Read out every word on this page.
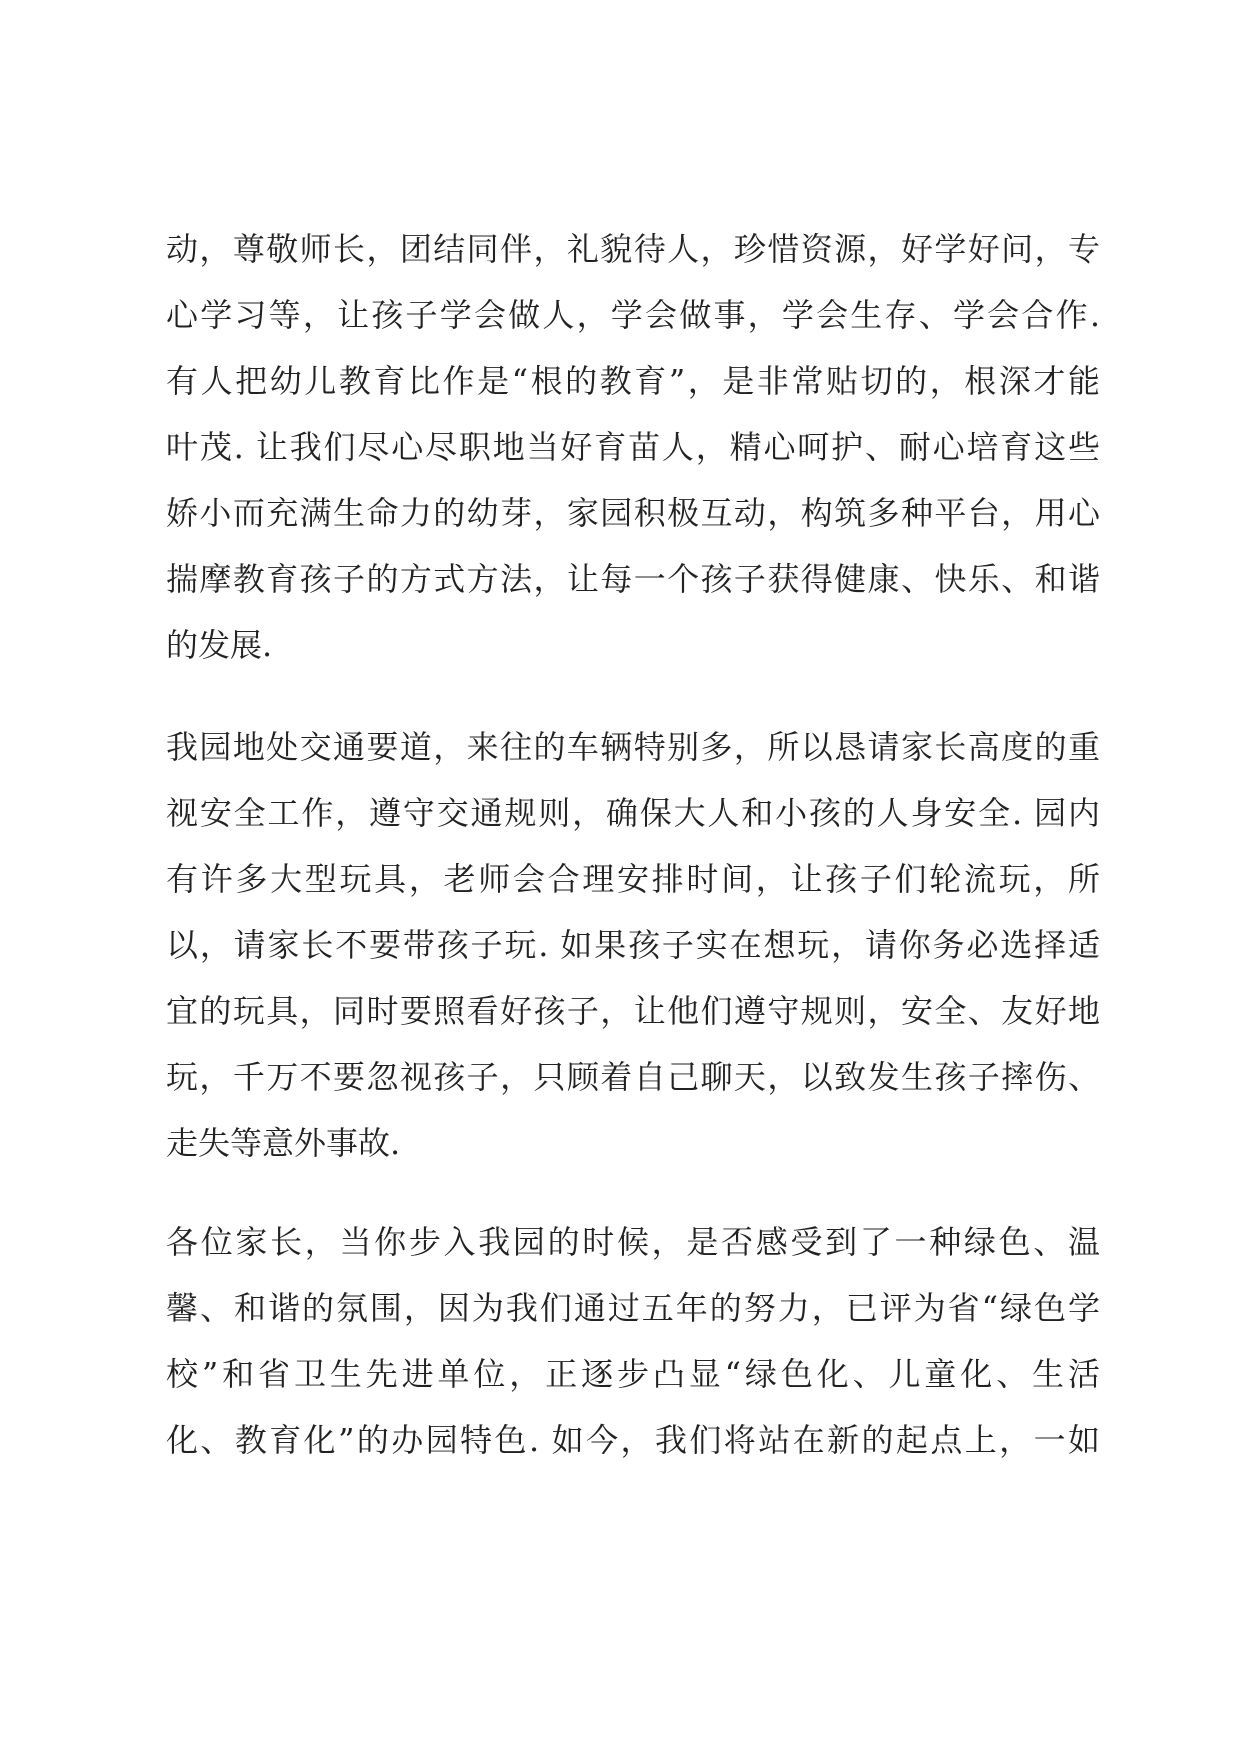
动，尊敬师长，团结同伴，礼貌待人，珍惜资源，好学好问，专
心学习等，让孩子学会做人，学会做事，学会生存、学会合作.
有人把幼儿教育比作是“根的教育”，是非常贴切的，根深才能
叶茂. 让我们尽心尽职地当好育苗人，精心呵护、耐心培育这些
娇小而充满生命力的幼芽，家园积极互动，构筑多种平台，用心
揣摩教育孩子的方式方法，让每一个孩子获得健康、快乐、和谐
的发展.
我园地处交通要道，来往的车辆特别多，所以恳请家长高度的重
视安全工作，遵守交通规则，确保大人和小孩的人身安全. 园内
有许多大型玩具，老师会合理安排时间，让孩子们轮流玩，所
以，请家长不要带孩子玩. 如果孩子实在想玩，请你务必选择适
宜的玩具，同时要照看好孩子，让他们遵守规则，安全、友好地
玩，千万不要忽视孩子，只顾着自己聊天，以致发生孩子摔伤、
走失等意外事故.
各位家长，当你步入我园的时候，是否感受到了一种绿色、温
馨、和谐的氛围，因为我们通过五年的努力，已评为省“绿色学
校”和省卫生先进单位，正逐步凸显“绿色化、儿童化、生活
化、教育化”的办园特色. 如今，我们将站在新的起点上，一如
